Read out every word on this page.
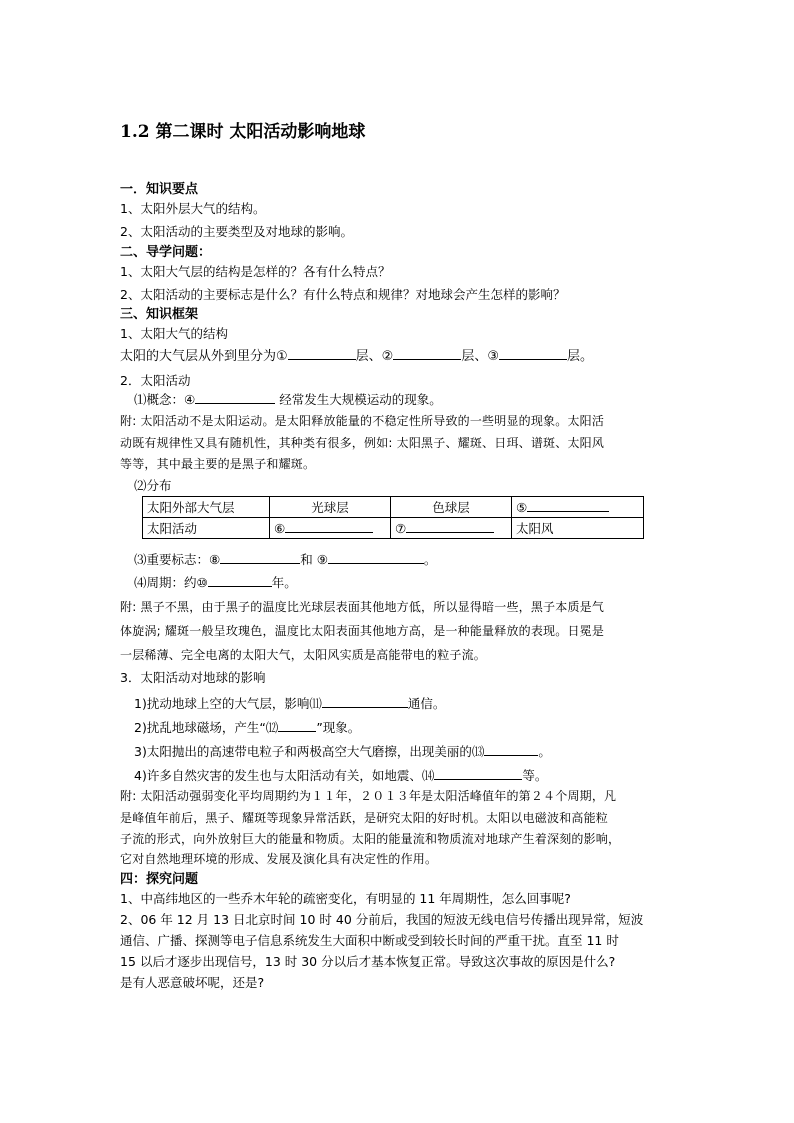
1.2 第二课时 太阳活动影响地球
一．知识要点
1、太阳外层大气的结构。
2、太阳活动的主要类型及对地球的影响。
二、导学问题：
1、太阳大气层的结构是怎样的？各有什么特点？
2、太阳活动的主要标志是什么？有什么特点和规律？对地球会产生怎样的影响？
三、知识框架
1、太阳大气的结构
太阳的大气层从外到里分为①	层、②	层、③	层。
2．太阳活动
⑴概念：④	经常发生大规模运动的现象。
附: 太阳活动不是太阳运动。是太阳释放能量的不稳定性所导致的一些明显的现象。太阳活
动既有规律性又具有随机性，其种类有很多，例如: 太阳黑子、耀斑、日珥、谱斑、太阳风
等等，其中最主要的是黑子和耀斑。
⑵分布
太阳外部大气层	光球层	色球层	⑤
太阳活动	⑥	⑦	太阳风
⑶重要标志：⑧	和 ⑨	。
⑷周期：约⑩	年。
附: 黑子不黑，由于黑子的温度比光球层表面其他地方低，所以显得暗一些，黑子本质是气
体旋涡; 耀斑一般呈玫瑰色，温度比太阳表面其他地方高，是一种能量释放的表现。日冕是
一层稀薄、完全电离的太阳大气，太阳风实质是高能带电的粒子流。
3．太阳活动对地球的影响
1)扰动地球上空的大气层，影响⑾	通信。
2)扰乱地球磁场，产生“⑿	”现象。
3)太阳抛出的高速带电粒子和两极高空大气磨擦，出现美丽的⒀	。
4)许多自然灾害的发生也与太阳活动有关，如地震、⒁	等。
附: 太阳活动强弱变化平均周期约为１１年，２０１３年是太阳活峰值年的第２４个周期，凡
是峰值年前后，黑子、耀斑等现象异常活跃，是研究太阳的好时机。太阳以电磁波和高能粒
子流的形式，向外放射巨大的能量和物质。太阳的能量流和物质流对地球产生着深刻的影响，
它对自然地理环境的形成、发展及演化具有决定性的作用。
四：探究问题
1、中高纬地区的一些乔木年轮的疏密变化，有明显的 11 年周期性，怎么回事呢?
2、06 年 12 月 13 日北京时间 10 时 40 分前后，我国的短波无线电信号传播出现异常，短波
通信、广播、探测等电子信息系统发生大面积中断或受到较长时间的严重干扰。直至 11 时
15 以后才逐步出现信号，13 时 30 分以后才基本恢复正常。导致这次事故的原因是什么?
是有人恶意破坏呢，还是?
